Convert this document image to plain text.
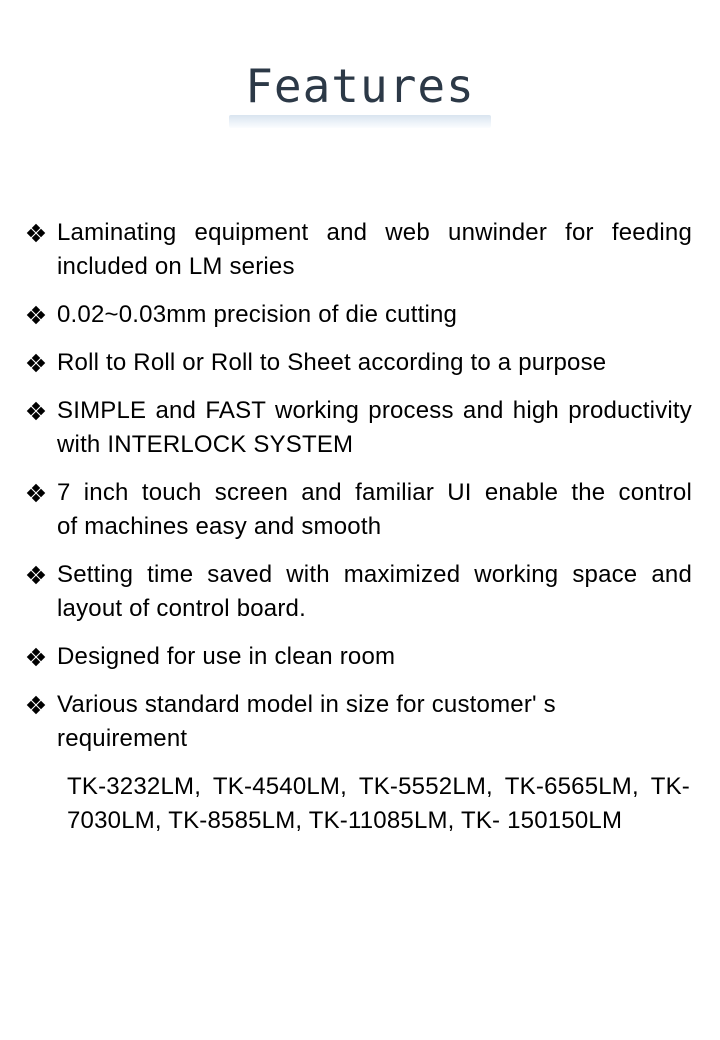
Features
Laminating equipment and web unwinder for feeding
included on LM series
0.02~0.03mm precision of die cutting
Roll to Roll or Roll to Sheet according to a purpose
SIMPLE and FAST working process and high productivity
with INTERLOCK SYSTEM
7 inch touch screen and familiar UI enable the control
of machines easy and smooth
Setting time saved with maximized working space and
layout of control board.
Designed for use in clean room
Various standard model in size for customer' s
requirement
TK-3232LM, TK-4540LM, TK-5552LM, TK-6565LM, TK-
7030LM, TK-8585LM, TK-11085LM, TK- 150150LM
